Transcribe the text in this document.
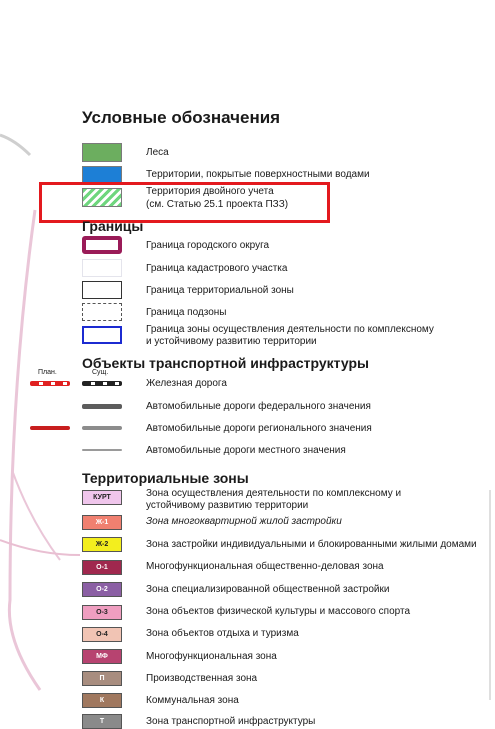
Условные обозначения
Леса
Территории, покрытые поверхностными водами
Территория двойного учета
(см. Статью 25.1 проекта ПЗЗ)
Границы
Граница городского округа
Граница кадастрового участка
Граница территориальной зоны
Граница подзоны
Граница зоны осуществления деятельности по комплексному
и устойчивому развитию территории
Объекты транспортной инфраструктуры
План.	Сущ.
Железная дорога
Автомобильные дороги федерального значения
Автомобильные дороги регионального значения
Автомобильные дороги местного значения
Территориальные зоны
КУРТ	Зона осуществления деятельности по комплексному и
устойчивому развитию территории
Ж-1	Зона многоквартирной жилой застройки
Ж-2	Зона застройки индивидуальными и блокированными жилыми домами
О-1	Многофункциональная общественно-деловая зона
О-2	Зона специализированной общественной застройки
О-3	Зона объектов физической культуры и массового спорта
О-4	Зона объектов отдыха и туризма
МФ	Многофункциональная зона
П	Производственная зона
К	Коммунальная зона
Т	Зона транспортной инфраструктуры
